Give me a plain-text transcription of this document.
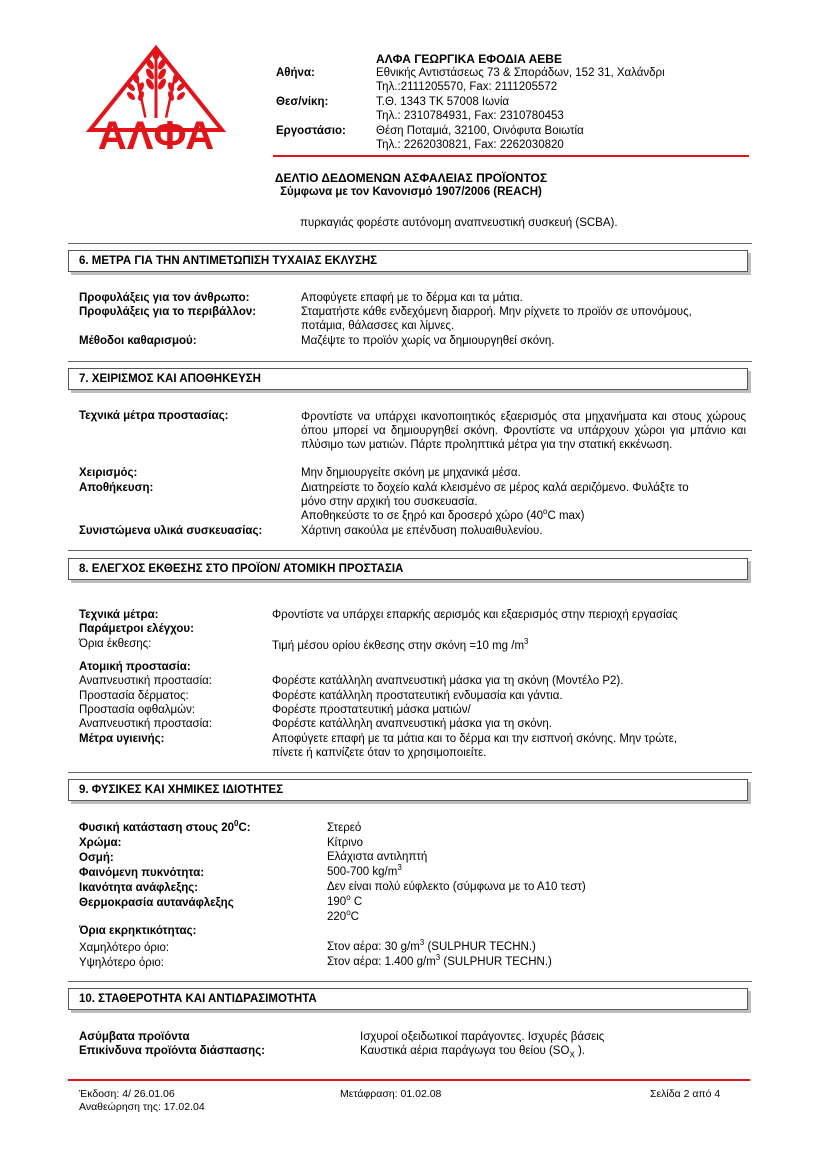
ΑΛΦΑ
ΑΛΦΑ ΓΕΩΡΓΙΚΑ ΕΦΟΔΙΑ ΑΕΒΕ
Αθήνα:	Εθνικής Αντιστάσεως 73 & Σποράδων, 152 31, Χαλάνδρι
Τηλ.:2111205570, Fax: 2111205572
Θεσ/νίκη:	Τ.Θ. 1343 ΤΚ 57008 Ιωνία
Τηλ.: 2310784931, Fax: 2310780453
Εργοστάσιο:	Θέση Ποταμιά, 32100, Οινόφυτα Βοιωτία
Τηλ.: 2262030821, Fax: 2262030820
ΔΕΛΤΙΟ ΔΕΔΟΜΕΝΩΝ ΑΣΦΑΛΕΙΑΣ ΠΡΟΪΟΝΤΟΣ
Σύμφωνα με τον Κανονισμό 1907/2006 (REACH)
πυρκαγιάς φορέστε αυτόνομη αναπνευστική συσκευή (SCBA).
6. ΜΕΤΡΑ ΓΙΑ ΤΗΝ ΑΝΤΙΜΕΤΩΠΙΣΗ ΤΥΧΑΙΑΣ ΕΚΛΥΣΗΣ
Προφυλάξεις για τον άνθρωπο:	Αποφύγετε επαφή με το δέρμα και τα μάτια.
Προφυλάξεις για το περιβάλλον:	Σταματήστε κάθε ενδεχόμενη διαρροή. Μην ρίχνετε το προϊόν σε υπονόμους,
ποτάμια, θάλασσες και λίμνες.
Μέθοδοι καθαρισμού:	Μαζέψτε το προϊόν χωρίς να δημιουργηθεί σκόνη.
7. ΧΕΙΡΙΣΜΟΣ ΚΑΙ ΑΠΟΘΗΚΕΥΣΗ
Τεχνικά μέτρα προστασίας:	Φροντίστε να υπάρχει ικανοποιητικός εξαερισμός στα μηχανήματα και στους χώρους όπου μπορεί να δημιουργηθεί σκόνη. Φροντίστε να υπάρχουν χώροι για μπάνιο και πλύσιμο των ματιών. Πάρτε προληπτικά μέτρα για την στατική εκκένωση.
Χειρισμός:	Μην δημιουργείτε σκόνη με μηχανικά μέσα.
Αποθήκευση:	Διατηρείστε το δοχείο καλά κλεισμένο σε μέρος καλά αεριζόμενο. Φυλάξτε το
μόνο στην αρχική του συσκευασία.
Αποθηκεύστε το σε ξηρό και δροσερό χώρο (40$^o$C max)
Συνιστώμενα υλικά συσκευασίας:	Χάρτινη σακούλα με επένδυση πολυαιθυλενίου.
8. ΕΛΕΓΧΟΣ ΕΚΘΕΣΗΣ ΣΤΟ ΠΡΟΪΟΝ/ ΑΤΟΜΙΚΗ ΠΡΟΣΤΑΣΙΑ
Τεχνικά μέτρα:	Φροντίστε να υπάρχει επαρκής αερισμός και εξαερισμός στην περιοχή εργασίας
Παράμετροι ελέγχου:
Όρια έκθεσης:	Τιμή μέσου ορίου έκθεσης στην σκόνη =10 mg $/m^3$
Ατομική προστασία:
Αναπνευστική προστασία:	Φορέστε κατάλληλη αναπνευστική μάσκα για τη σκόνη (Μοντέλο Ρ2).
Προστασία δέρματος:	Φορέστε κατάλληλη προστατευτική ενδυμασία και γάντια.
Προστασία οφθαλμών:	Φορέστε προστατευτική μάσκα ματιών/
Αναπνευστική προστασία:	Φορέστε κατάλληλη αναπνευστική μάσκα για τη σκόνη.
Μέτρα υγιεινής:	Αποφύγετε επαφή με τα μάτια και το δέρμα και την εισπνοή σκόνης. Μην τρώτε,
πίνετε ή καπνίζετε όταν το χρησιμοποιείτε.
9. ΦΥΣΙΚΕΣ ΚΑΙ ΧΗΜΙΚΕΣ ΙΔΙΟΤΗΤΕΣ
Φυσική κατάσταση στους $20^0C$:	Στερεό
Χρώμα:	Κίτρινο
Οσμή:	Ελάχιστα αντιληπτή
Φαινόμενη πυκνότητα:	500-700 $kg/m^3$
Ικανότητα ανάφλεξης:	Δεν είναι πολύ εύφλεκτο (σύμφωνα με το Α10 τεστ)
Θερμοκρασία αυτανάφλεξης	190$^o$ C
220$^o$C
Όρια εκρηκτικότητας:
Χαμηλότερο όριο:	Στον αέρα: 30 $g/m^3$ (SULPHUR TECHN.)
Υψηλότερο όριο:	Στον αέρα: 1.400 $g/m^3$ (SULPHUR TECHN.)
10. ΣΤΑΘΕΡΟΤΗΤΑ ΚΑΙ ΑΝΤΙΔΡΑΣΙΜΟΤΗΤΑ
Ασύμβατα προϊόντα	Ισχυροί οξειδωτικοί παράγοντες. Ισχυρές βάσεις
Επικίνδυνα προϊόντα διάσπασης:	Καυστικά αέρια παράγωγα του θείου ($SO_X$ ).
Έκδοση: 4/ 26.01.06
Αναθεώρηση της: 17.02.04
Μετάφραση: 01.02.08	Σελίδα 2 από 4
